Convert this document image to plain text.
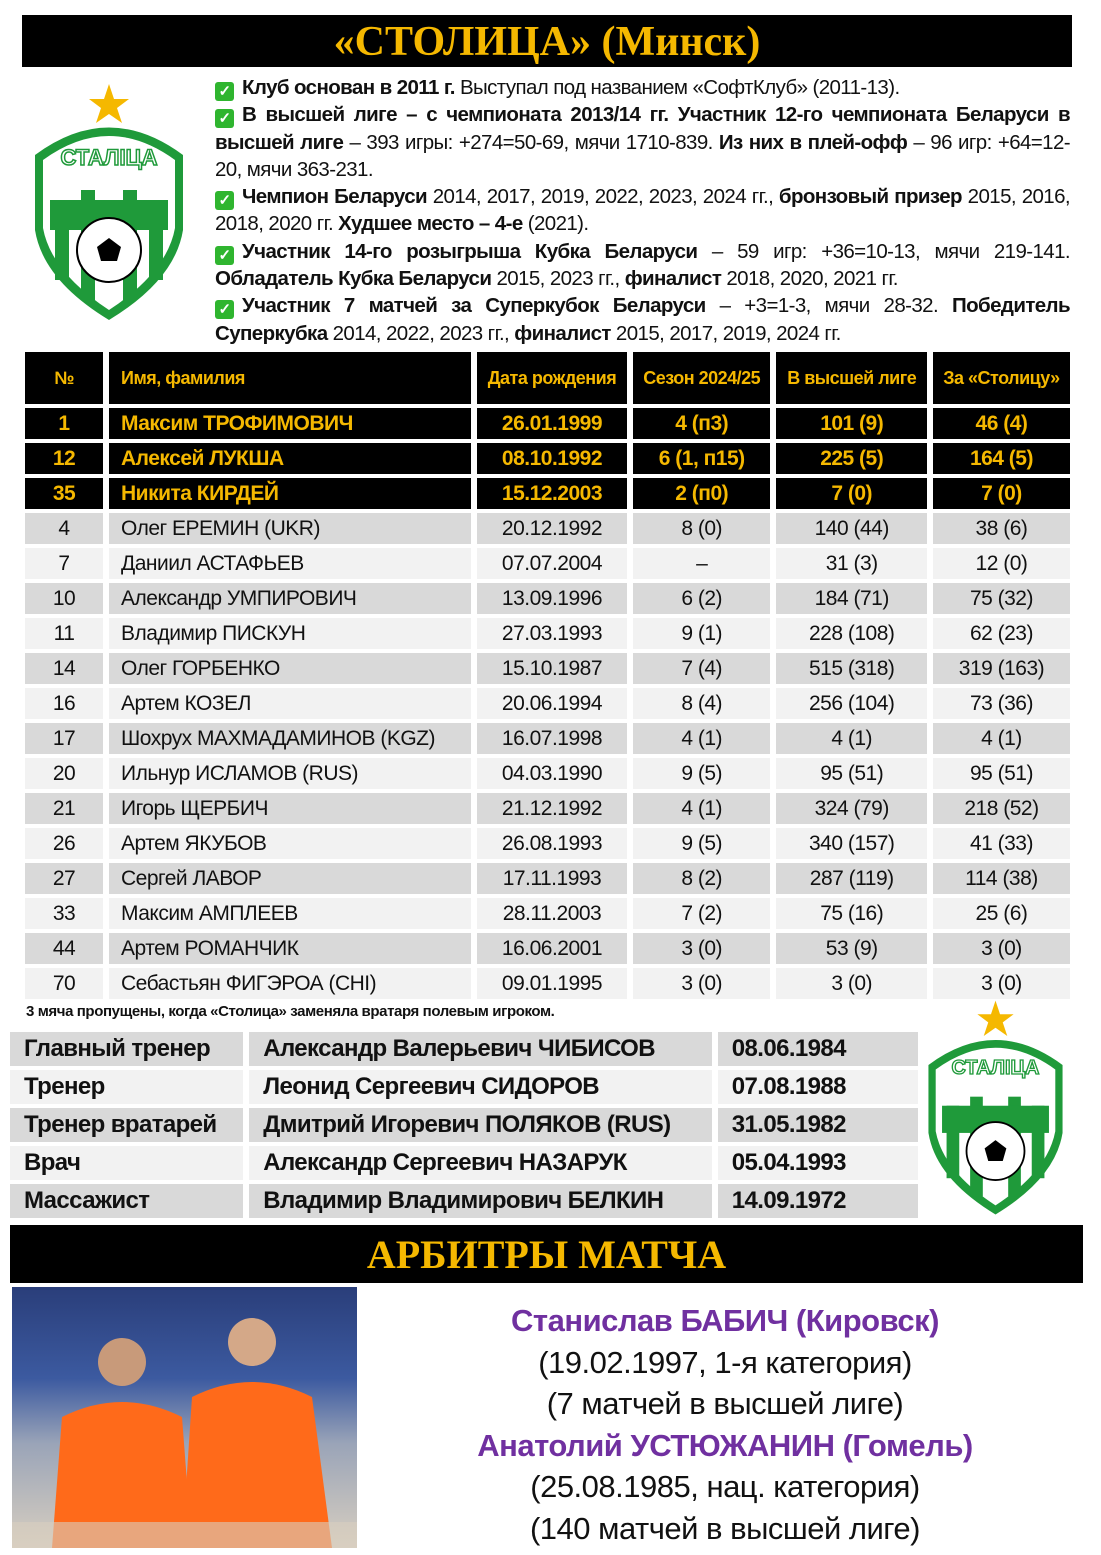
«СТОЛИЦА» (Минск)
СТАЛIЦА

✓ Клуб основан в 2011 г. Выступал под названием «СофтКлуб» (2011-13).

✓ В высшей лиге – с чемпионата 2013/14 гг. Участник 12-го чемпионата Беларуси в высшей лиге – 393 игры: +274=50-69, мячи 1710-839. Из них в плей-офф – 96 игр: +64=12-20, мячи 363-231.

✓ Чемпион Беларуси 2014, 2017, 2019, 2022, 2023, 2024 гг., бронзовый призер 2015, 2016, 2018, 2020 гг. Худшее место – 4-е (2021).

✓ Участник 14-го розыгрыша Кубка Беларуси – 59 игр: +36=10-13, мячи 219-141. Обладатель Кубка Беларуси 2015, 2023 гг., финалист 2018, 2020, 2021 гг.

✓ Участник 7 матчей за Суперкубок Беларуси – +3=1-3, мячи 28-32. Победитель Суперкубка 2014, 2022, 2023 гг., финалист 2015, 2017, 2019, 2024 гг.

№	Имя, фамилия	Дата рождения	Сезон 2024/25	В высшей лиге	За «Столицу»
1	Максим ТРОФИМОВИЧ	26.01.1999	4 (п3)	101 (9)	46 (4)
12	Алексей ЛУКША	08.10.1992	6 (1, п15)	225 (5)	164 (5)
35	Никита КИРДЕЙ	15.12.2003	2 (п0)	7 (0)	7 (0)
4	Олег ЕРЕМИН (UKR)	20.12.1992	8 (0)	140 (44)	38 (6)
7	Даниил АСТАФЬЕВ	07.07.2004	–	31 (3)	12 (0)
10	Александр УМПИРОВИЧ	13.09.1996	6 (2)	184 (71)	75 (32)
11	Владимир ПИСКУН	27.03.1993	9 (1)	228 (108)	62 (23)
14	Олег ГОРБЕНКО	15.10.1987	7 (4)	515 (318)	319 (163)
16	Артем КОЗЕЛ	20.06.1994	8 (4)	256 (104)	73 (36)
17	Шохрух МАХМАДАМИНОВ (KGZ)	16.07.1998	4 (1)	4 (1)	4 (1)
20	Ильнур ИСЛАМОВ (RUS)	04.03.1990	9 (5)	95 (51)	95 (51)
21	Игорь ЩЕРБИЧ	21.12.1992	4 (1)	324 (79)	218 (52)
26	Артем ЯКУБОВ	26.08.1993	9 (5)	340 (157)	41 (33)
27	Сергей ЛАВОР	17.11.1993	8 (2)	287 (119)	114 (38)
33	Максим АМПЛЕЕВ	28.11.2003	7 (2)	75 (16)	25 (6)
44	Артем РОМАНЧИК	16.06.2001	3 (0)	53 (9)	3 (0)
70	Себастьян ФИГЭРОА (CHI)	09.01.1995	3 (0)	3 (0)	3 (0)
3 мяча пропущены, когда «Столица» заменяла вратаря полевым игроком.
Главный тренер	Александр Валерьевич ЧИБИСОВ	08.06.1984
Тренер	Леонид Сергеевич СИДОРОВ	07.08.1988
Тренер вратарей	Дмитрий Игоревич ПОЛЯКОВ (RUS)	31.05.1982
Врач	Александр Сергеевич НАЗАРУК	05.04.1993
Массажист	Владимир Владимирович БЕЛКИН	14.09.1972
СТАЛIЦА
АРБИТРЫ МАТЧА
Станислав БАБИЧ (Кировск)
(19.02.1997, 1-я категория)
(7 матчей в высшей лиге)
Анатолий УСТЮЖАНИН (Гомель)
(25.08.1985, нац. категория)
(140 матчей в высшей лиге)
